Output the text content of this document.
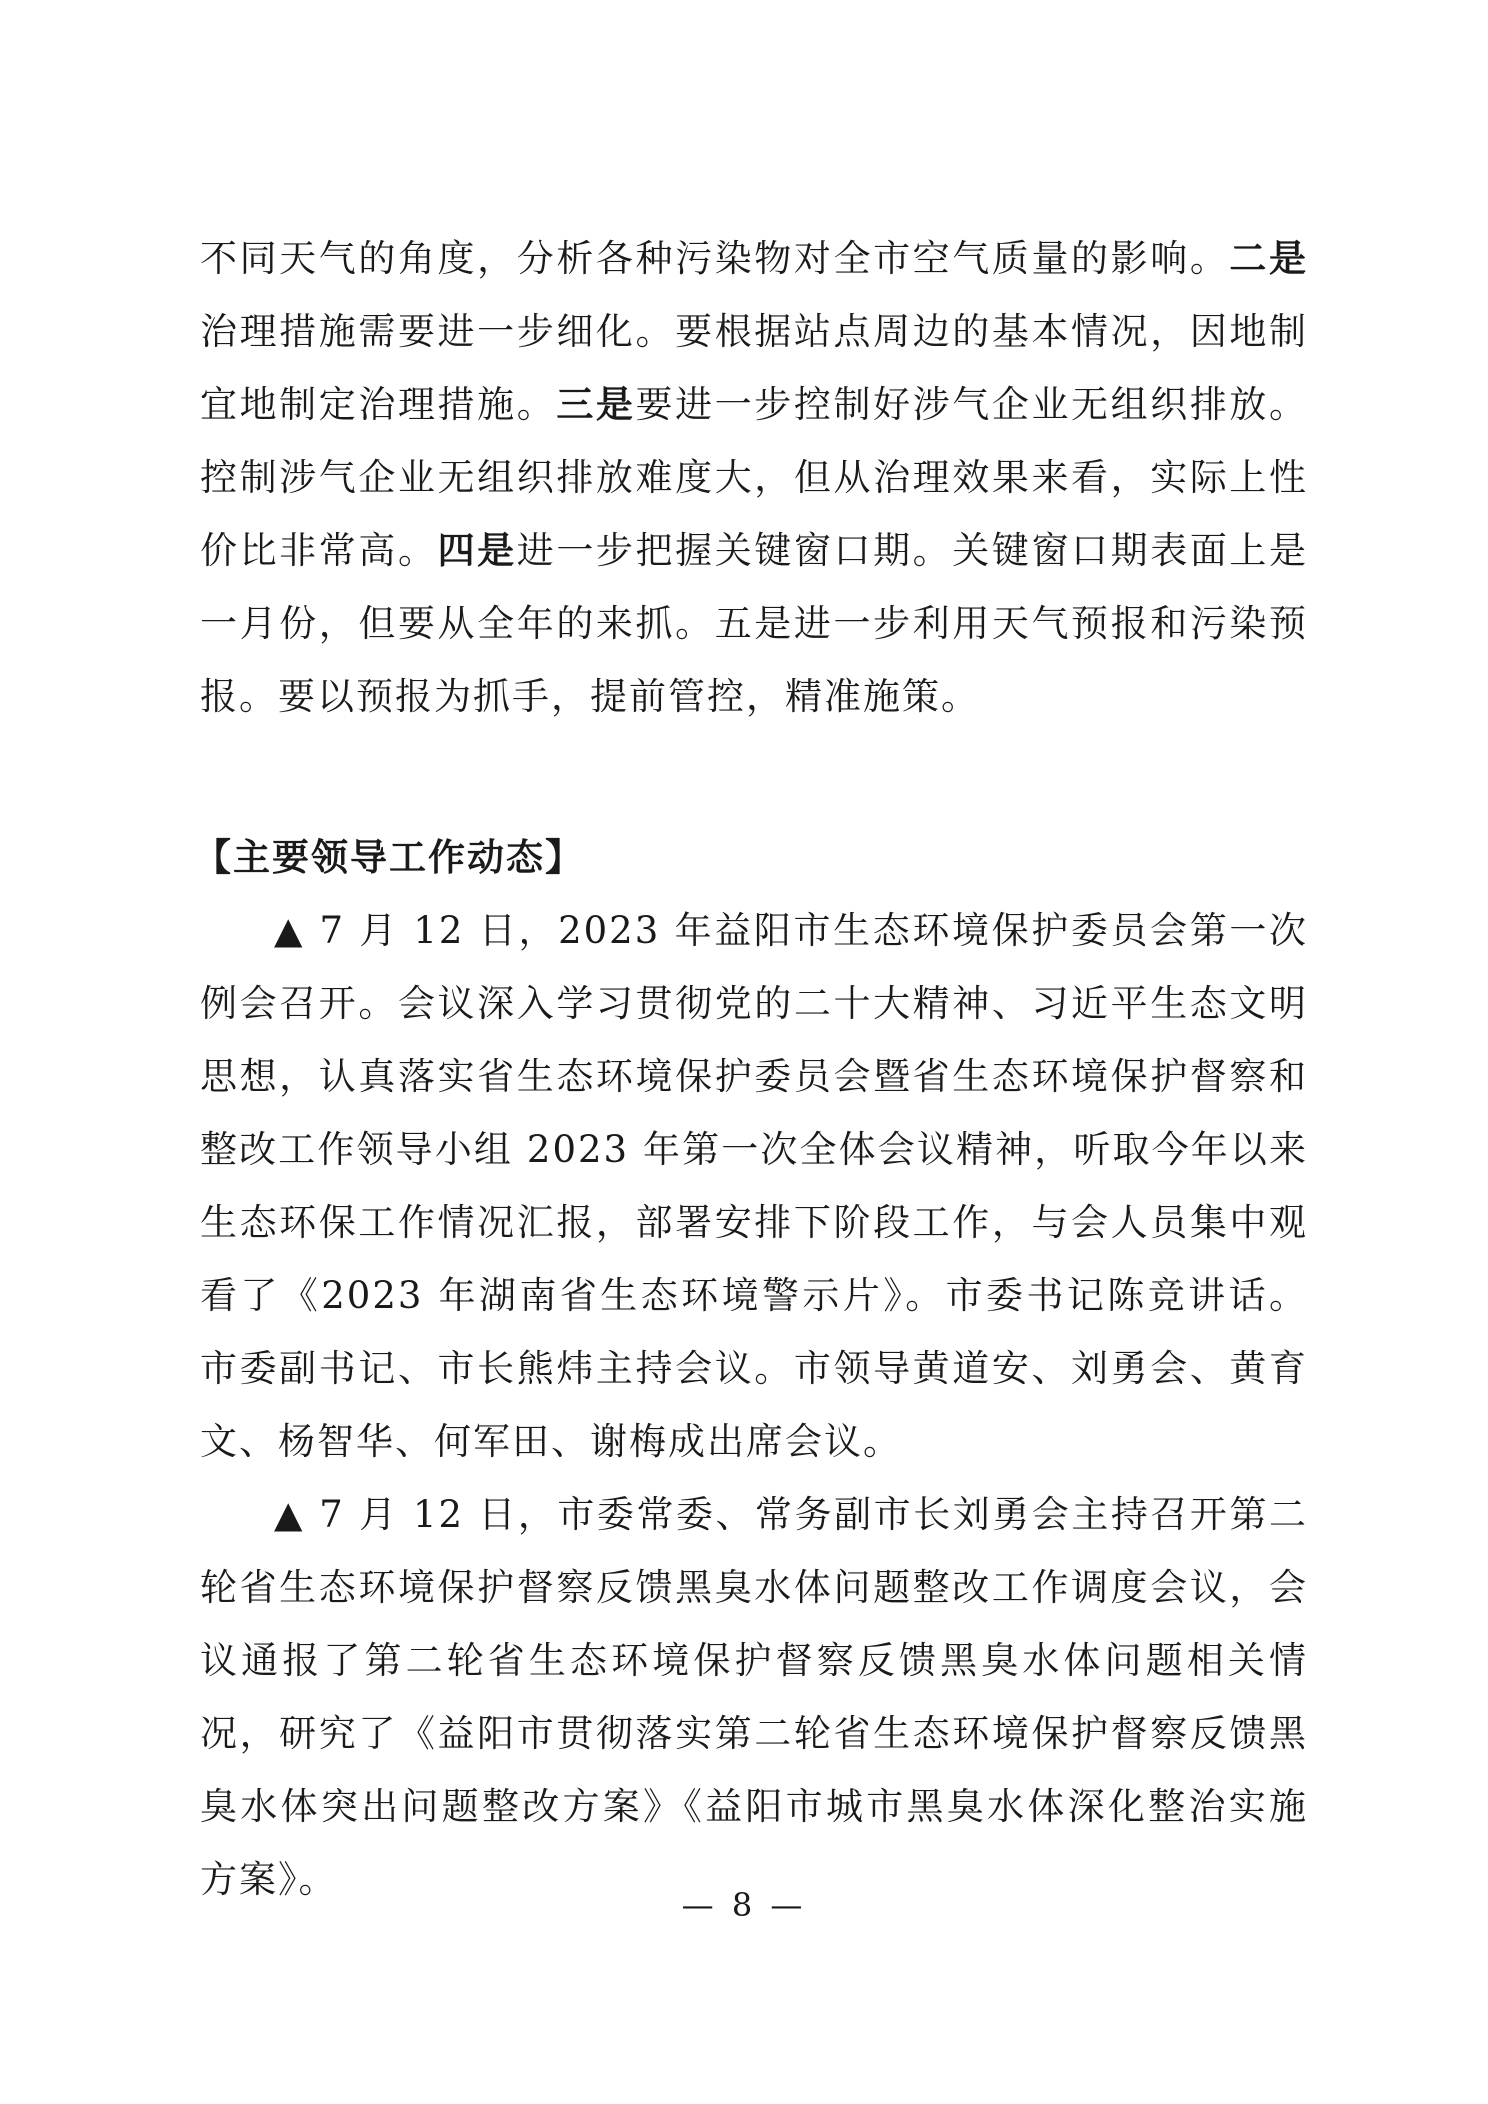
不同天气的角度，分析各种污染物对全市空气质量的影响。二是治理措施需要进一步细化。要根据站点周边的基本情况，因地制宜地制定治理措施。三是要进一步控制好涉气企业无组织排放。控制涉气企业无组织排放难度大，但从治理效果来看，实际上性价比非常高。四是进一步把握关键窗口期。关键窗口期表面上是一月份，但要从全年的来抓。五是进一步利用天气预报和污染预报。要以预报为抓手，提前管控，精准施策。

【主要领导工作动态】

▲ 7 月 12 日，2023 年益阳市生态环境保护委员会第一次例会召开。会议深入学习贯彻党的二十大精神、习近平生态文明思想，认真落实省生态环境保护委员会暨省生态环境保护督察和整改工作领导小组 2023 年第一次全体会议精神，听取今年以来生态环保工作情况汇报，部署安排下阶段工作，与会人员集中观看了《2023 年湖南省生态环境警示片》。市委书记陈竞讲话。市委副书记、市长熊炜主持会议。市领导黄道安、刘勇会、黄育文、杨智华、何军田、谢梅成出席会议。

▲ 7 月 12 日，市委常委、常务副市长刘勇会主持召开第二轮省生态环境保护督察反馈黑臭水体问题整改工作调度会议，会议通报了第二轮省生态环境保护督察反馈黑臭水体问题相关情况，研究了《益阳市贯彻落实第二轮省生态环境保护督察反馈黑臭水体突出问题整改方案》《益阳市城市黑臭水体深化整治实施方案》。

— 8 —
